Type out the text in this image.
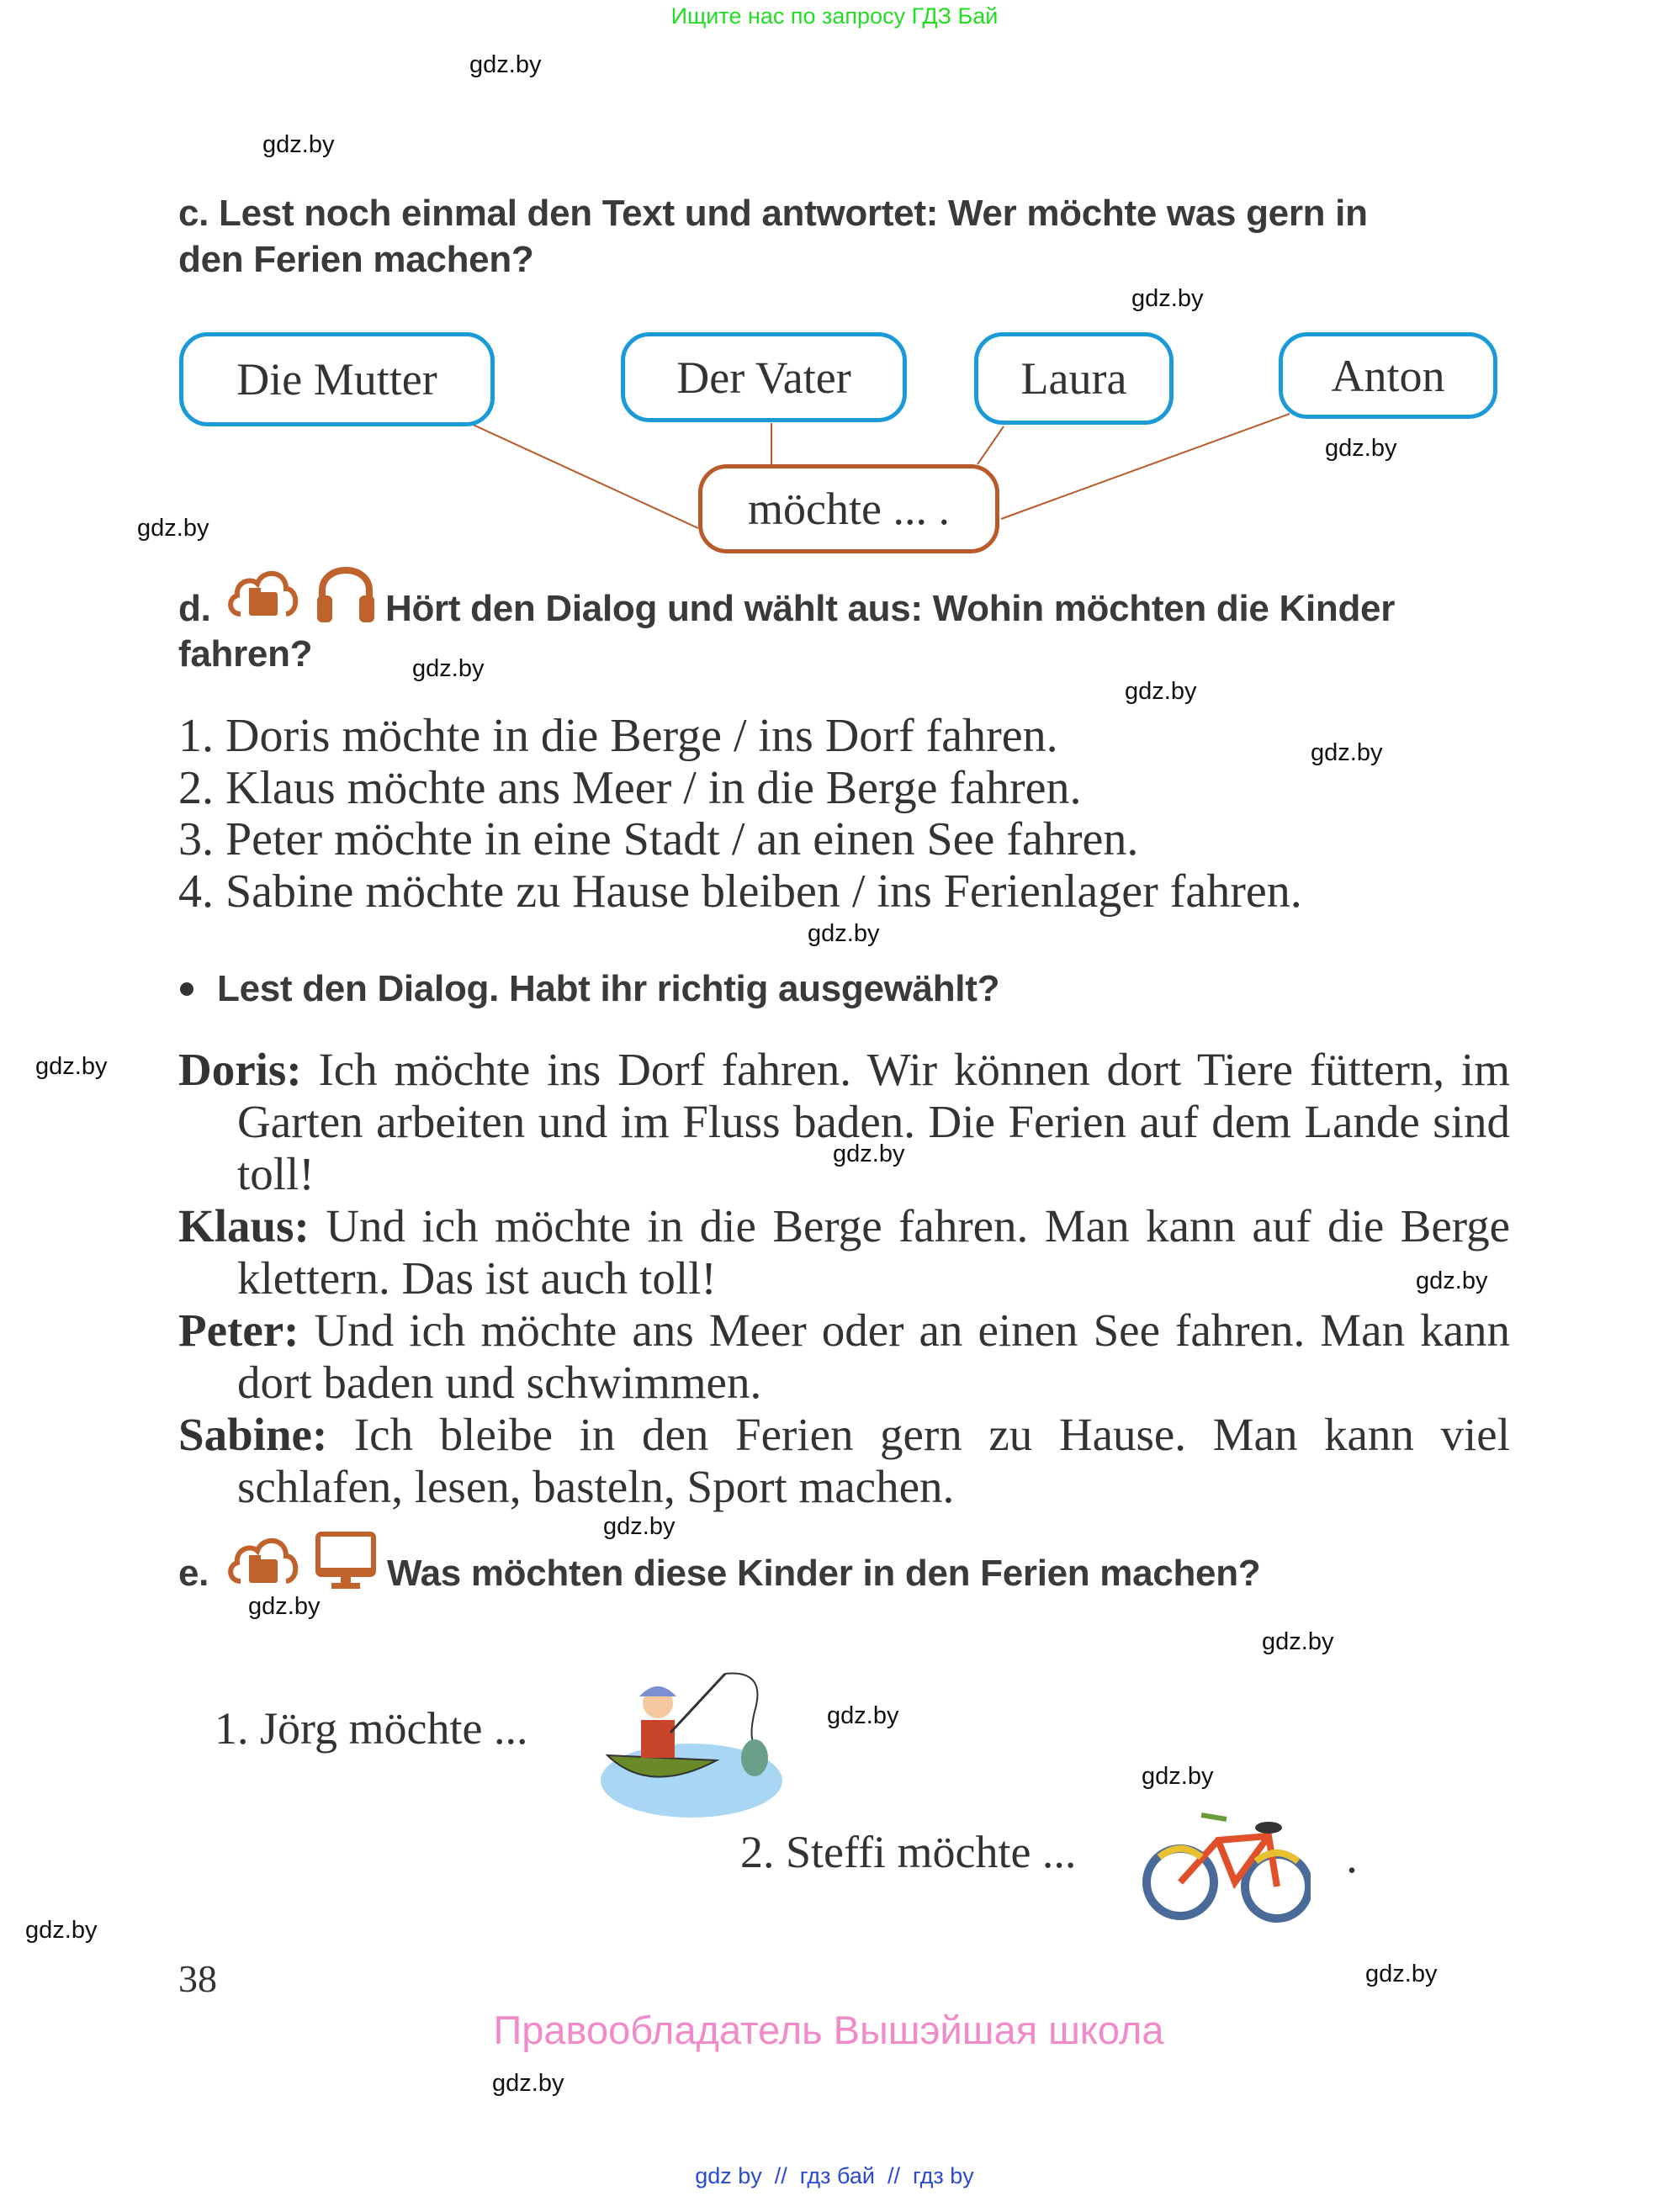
Ищите нас по запросу ГДЗ Бай
gdz.by
gdz.by
gdz.by
gdz.by
gdz.by
gdz.by
gdz.by
gdz.by
gdz.by
gdz.by
gdz.by
gdz.by
gdz.by
gdz.by
gdz.by
gdz.by
gdz.by
gdz.by
gdz.by
gdz.by
c. Lest noch einmal den Text und antwortet: Wer möchte was gern in
den Ferien machen?
Die Mutter	Der Vater	Laura	Anton
möchte ... .
d.	Hört den Dialog und wählt aus: Wohin möchten die Kinder
fahren?
1. Doris möchte in die Berge / ins Dorf fahren.
2. Klaus möchte ans Meer / in die Berge fahren.
3. Peter möchte in eine Stadt / an einen See fahren.
4. Sabine möchte zu Hause bleiben / ins Ferienlager fahren.
Lest den Dialog. Habt ihr richtig ausgewählt?

Doris: Ich möchte ins Dorf fahren. Wir können dort Tiere füttern, im Garten arbeiten und im Fluss baden. Die Ferien auf dem Lande sind toll!

Klaus: Und ich möchte in die Berge fahren. Man kann auf die Berge klettern. Das ist auch toll!

Peter: Und ich möchte ans Meer oder an einen See fahren. Man kann dort baden und schwimmen.

Sabine: Ich bleibe in den Ferien gern zu Hause. Man kann viel schlafen, lesen, basteln, Sport machen.

e.	Was möchten diese Kinder in den Ferien machen?
1. Jörg möchte ...
2. Steffi möchte ...	.
38
Правообладатель Вышэйшая школа
gdz by  //  гдз бай  //  гдз by
